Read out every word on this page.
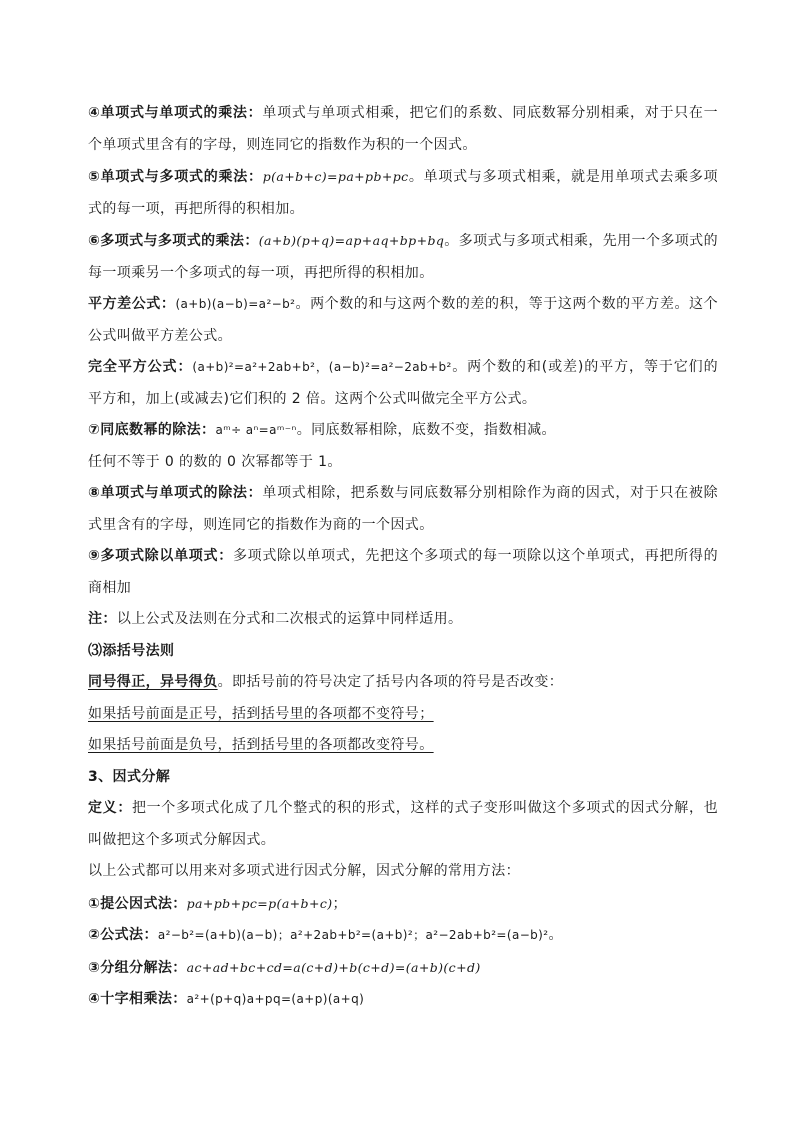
④单项式与单项式的乘法：单项式与单项式相乘，把它们的系数、同底数幂分别相乘，对于只在一个单项式里含有的字母，则连同它的指数作为积的一个因式。

⑤单项式与多项式的乘法：p(a+b+c)=pa+pb+pc。单项式与多项式相乘，就是用单项式去乘多项式的每一项，再把所得的积相加。

⑥多项式与多项式的乘法：(a+b)(p+q)=ap+aq+bp+bq。多项式与多项式相乘，先用一个多项式的每一项乘另一个多项式的每一项，再把所得的积相加。

平方差公式：(a+b)(a−b)=a²−b²。两个数的和与这两个数的差的积，等于这两个数的平方差。这个公式叫做平方差公式。

完全平方公式：(a+b)²=a²+2ab+b²，(a−b)²=a²−2ab+b²。两个数的和(或差)的平方，等于它们的平方和，加上(或减去)它们积的 2 倍。这两个公式叫做完全平方公式。

⑦同底数幂的除法：aᵐ÷ aⁿ=aᵐ⁻ⁿ。同底数幂相除，底数不变，指数相减。

任何不等于 0 的数的 0 次幂都等于 1。

⑧单项式与单项式的除法：单项式相除，把系数与同底数幂分别相除作为商的因式，对于只在被除式里含有的字母，则连同它的指数作为商的一个因式。

⑨多项式除以单项式：多项式除以单项式，先把这个多项式的每一项除以这个单项式，再把所得的商相加

注：以上公式及法则在分式和二次根式的运算中同样适用。

⑶添括号法则

同号得正，异号得负。即括号前的符号决定了括号内各项的符号是否改变：

如果括号前面是正号，括到括号里的各项都不变符号；

如果括号前面是负号，括到括号里的各项都改变符号。

3、因式分解

定义：把一个多项式化成了几个整式的积的形式，这样的式子变形叫做这个多项式的因式分解，也叫做把这个多项式分解因式。

以上公式都可以用来对多项式进行因式分解，因式分解的常用方法：

①提公因式法：pa+pb+pc=p(a+b+c)；

②公式法：a²−b²=(a+b)(a−b)；a²+2ab+b²=(a+b)²；a²−2ab+b²=(a−b)²。

③分组分解法：ac+ad+bc+cd=a(c+d)+b(c+d)=(a+b)(c+d)

④十字相乘法：a²+(p+q)a+pq=(a+p)(a+q)
